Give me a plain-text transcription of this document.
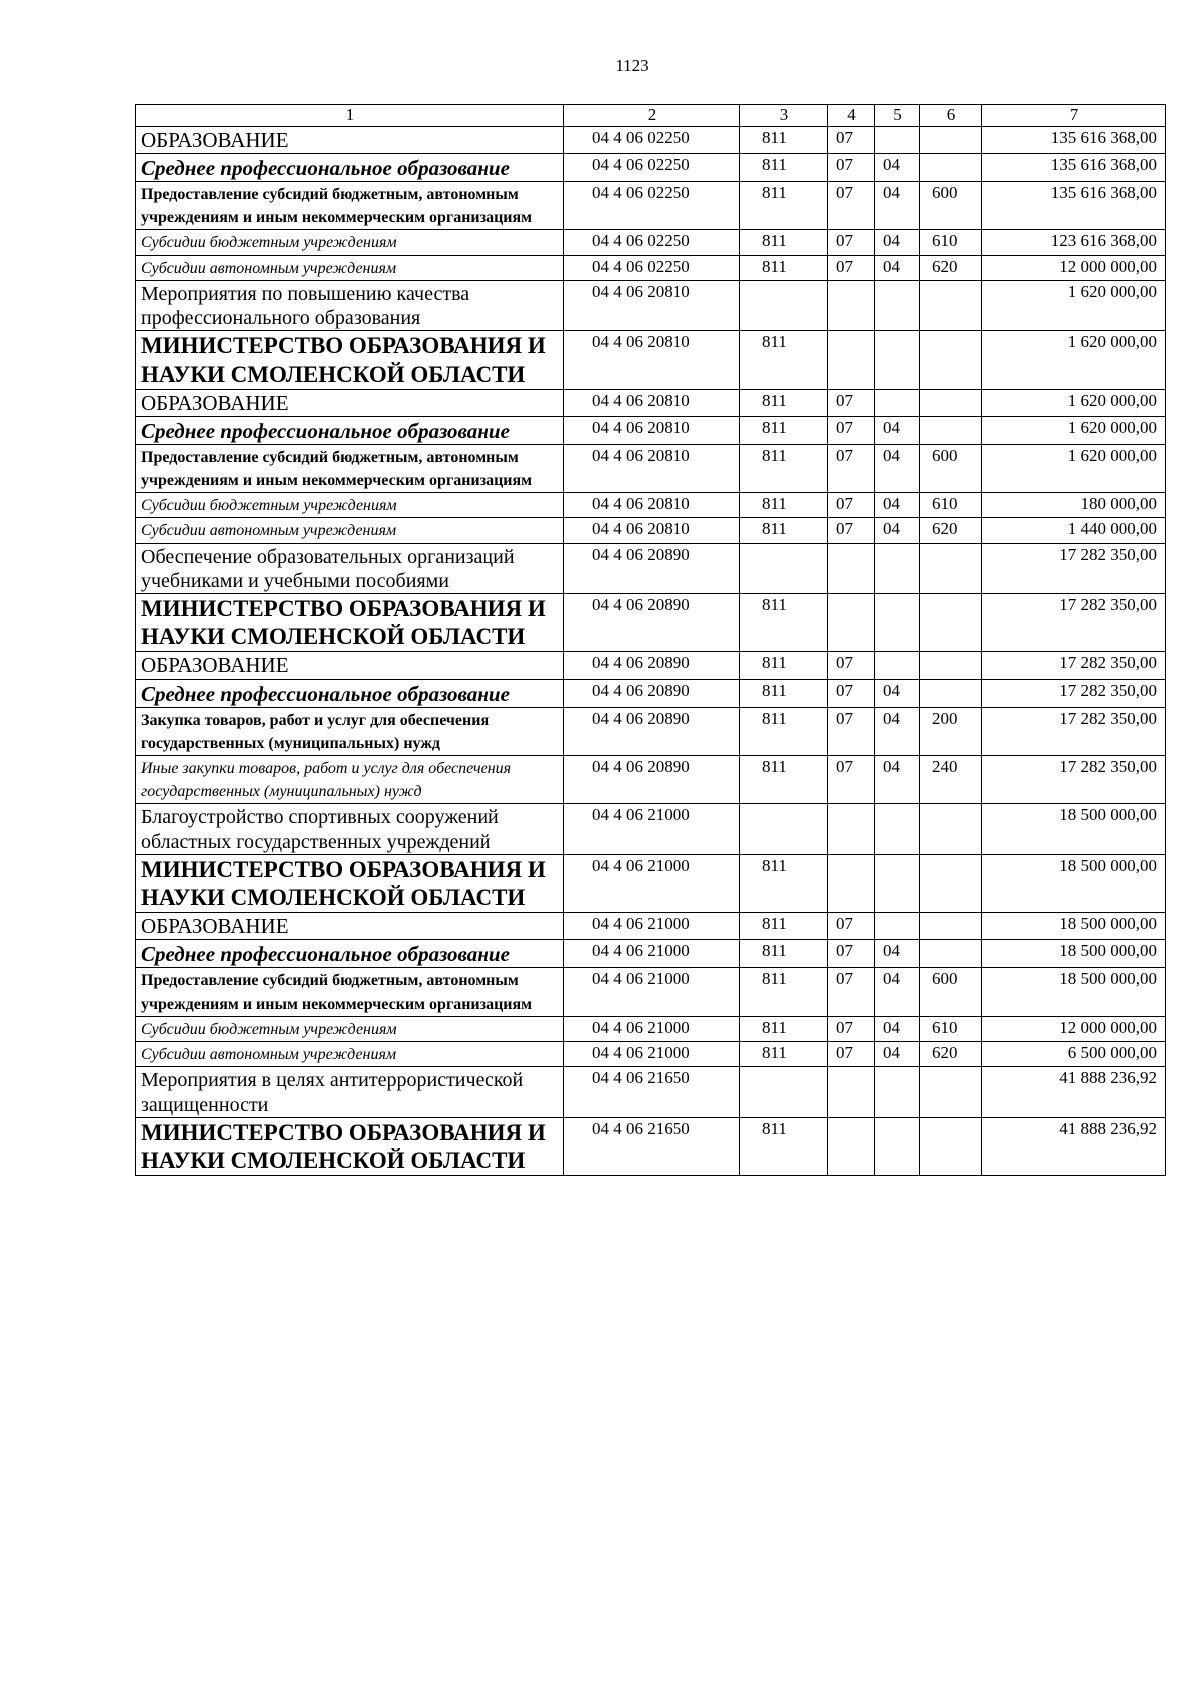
1123
1	2	3	4	5	6	7
ОБРАЗОВАНИЕ	04 4 06 02250	811	07			135 616 368,00
Среднее профессиональное образование	04 4 06 02250	811	07	04		135 616 368,00
Предоставление субсидий бюджетным, автономным учреждениям и иным некоммерческим организациям	04 4 06 02250	811	07	04	600	135 616 368,00
Субсидии бюджетным учреждениям	04 4 06 02250	811	07	04	610	123 616 368,00
Субсидии автономным учреждениям	04 4 06 02250	811	07	04	620	12 000 000,00
Мероприятия по повышению качества профессионального образования	04 4 06 20810					1 620 000,00
МИНИСТЕРСТВО ОБРАЗОВАНИЯ И НАУКИ СМОЛЕНСКОЙ ОБЛАСТИ	04 4 06 20810	811				1 620 000,00
ОБРАЗОВАНИЕ	04 4 06 20810	811	07			1 620 000,00
Среднее профессиональное образование	04 4 06 20810	811	07	04		1 620 000,00
Предоставление субсидий бюджетным, автономным учреждениям и иным некоммерческим организациям	04 4 06 20810	811	07	04	600	1 620 000,00
Субсидии бюджетным учреждениям	04 4 06 20810	811	07	04	610	180 000,00
Субсидии автономным учреждениям	04 4 06 20810	811	07	04	620	1 440 000,00
Обеспечение образовательных организаций учебниками и учебными пособиями	04 4 06 20890					17 282 350,00
МИНИСТЕРСТВО ОБРАЗОВАНИЯ И НАУКИ СМОЛЕНСКОЙ ОБЛАСТИ	04 4 06 20890	811				17 282 350,00
ОБРАЗОВАНИЕ	04 4 06 20890	811	07			17 282 350,00
Среднее профессиональное образование	04 4 06 20890	811	07	04		17 282 350,00
Закупка товаров, работ и услуг для обеспечения государственных (муниципальных) нужд	04 4 06 20890	811	07	04	200	17 282 350,00
Иные закупки товаров, работ и услуг для обеспечения государственных (муниципальных) нужд	04 4 06 20890	811	07	04	240	17 282 350,00
Благоустройство спортивных сооружений областных государственных учреждений	04 4 06 21000					18 500 000,00
МИНИСТЕРСТВО ОБРАЗОВАНИЯ И НАУКИ СМОЛЕНСКОЙ ОБЛАСТИ	04 4 06 21000	811				18 500 000,00
ОБРАЗОВАНИЕ	04 4 06 21000	811	07			18 500 000,00
Среднее профессиональное образование	04 4 06 21000	811	07	04		18 500 000,00
Предоставление субсидий бюджетным, автономным учреждениям и иным некоммерческим организациям	04 4 06 21000	811	07	04	600	18 500 000,00
Субсидии бюджетным учреждениям	04 4 06 21000	811	07	04	610	12 000 000,00
Субсидии автономным учреждениям	04 4 06 21000	811	07	04	620	6 500 000,00
Мероприятия в целях антитеррористической защищенности	04 4 06 21650					41 888 236,92
МИНИСТЕРСТВО ОБРАЗОВАНИЯ И НАУКИ СМОЛЕНСКОЙ ОБЛАСТИ	04 4 06 21650	811				41 888 236,92
